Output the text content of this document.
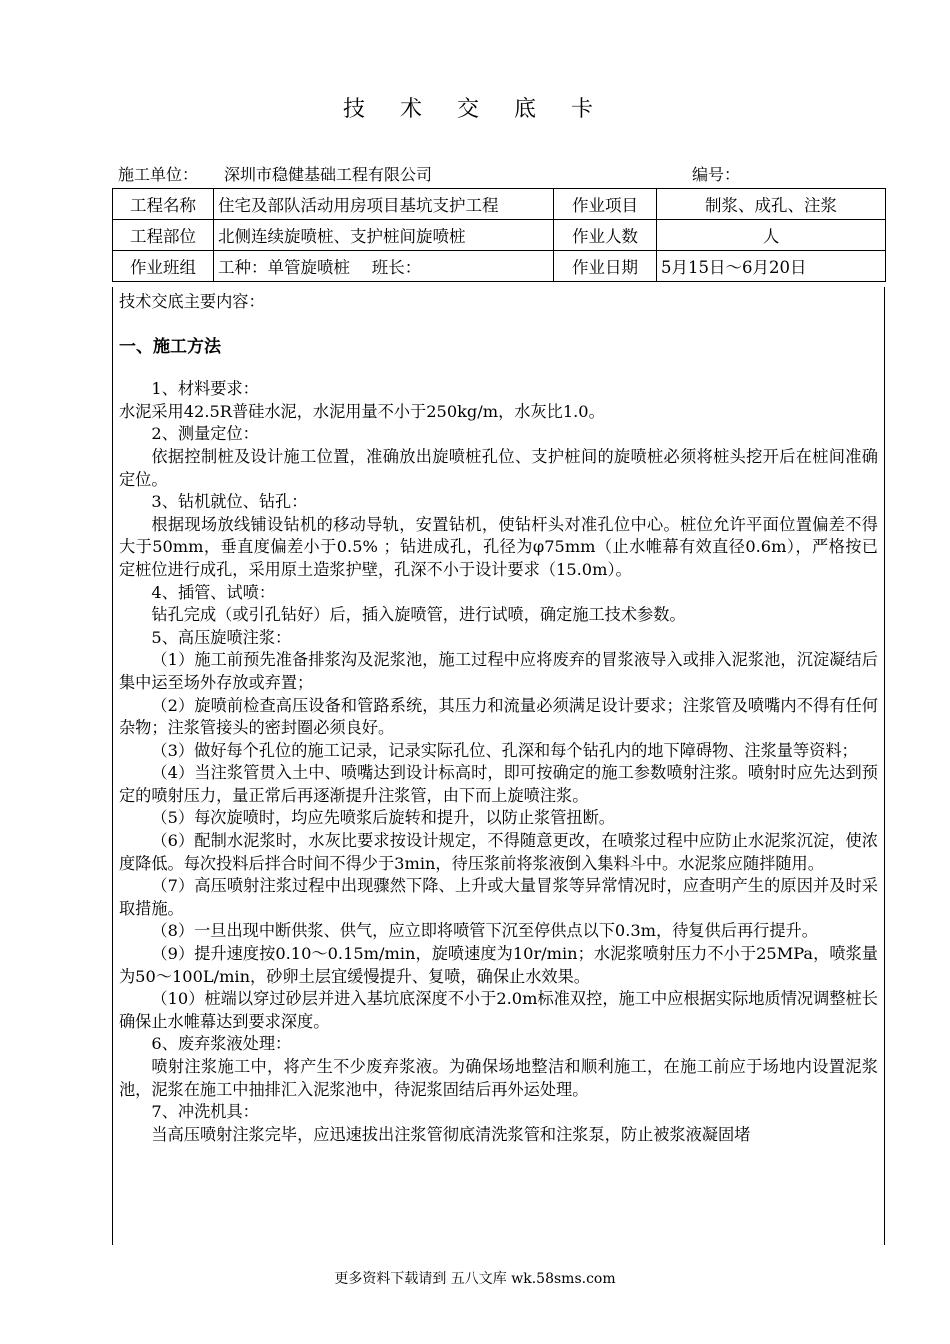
技 术 交 底 卡
施工单位： 深圳市稳健基础工程有限公司	编号：
工程名称	住宅及部队活动用房项目基坑支护工程	作业项目	制浆、成孔、注浆
工程部位	北侧连续旋喷桩、支护桩间旋喷桩	作业人数	人
作业班组	工种：单管旋喷桩　 班长：	作业日期	5月15日～6月20日

技术交底主要内容：

一、施工方法

1、材料要求：

水泥采用42.5R普硅水泥，水泥用量不小于250kg/m，水灰比1.0。

2、测量定位：

依据控制桩及设计施工位置，准确放出旋喷桩孔位、支护桩间的旋喷桩必须将桩头挖开后在桩间准确定位。

3、钻机就位、钻孔：

根据现场放线铺设钻机的移动导轨，安置钻机，使钻杆头对准孔位中心。桩位允许平面位置偏差不得大于50mm，垂直度偏差小于0.5% ；钻进成孔，孔径为φ75mm（止水帷幕有效直径0.6m），严格按已定桩位进行成孔，采用原土造浆护壁，孔深不小于设计要求（15.0m）。

4、插管、试喷：

钻孔完成（或引孔钻好）后，插入旋喷管，进行试喷，确定施工技术参数。

5、高压旋喷注浆：

（1）施工前预先准备排浆沟及泥浆池，施工过程中应将废弃的冒浆液导入或排入泥浆池，沉淀凝结后集中运至场外存放或弃置；

（2）旋喷前检查高压设备和管路系统，其压力和流量必须满足设计要求；注浆管及喷嘴内不得有任何杂物；注浆管接头的密封圈必须良好。

（3）做好每个孔位的施工记录，记录实际孔位、孔深和每个钻孔内的地下障碍物、注浆量等资料；

（4）当注浆管贯入土中、喷嘴达到设计标高时，即可按确定的施工参数喷射注浆。喷射时应先达到预定的喷射压力，量正常后再逐渐提升注浆管，由下而上旋喷注浆。

（5）每次旋喷时，均应先喷浆后旋转和提升，以防止浆管扭断。

（6）配制水泥浆时，水灰比要求按设计规定，不得随意更改，在喷浆过程中应防止水泥浆沉淀，使浓度降低。每次投料后拌合时间不得少于3min，待压浆前将浆液倒入集料斗中。水泥浆应随拌随用。

（7）高压喷射注浆过程中出现骤然下降、上升或大量冒浆等异常情况时，应查明产生的原因并及时采取措施。

（8）一旦出现中断供浆、供气，应立即将喷管下沉至停供点以下0.3m，待复供后再行提升。

（9）提升速度按0.10～0.15m/min，旋喷速度为10r/min；水泥浆喷射压力不小于25MPa，喷浆量为50～100L/min，砂卵土层宜缓慢提升、复喷，确保止水效果。

（10）桩端以穿过砂层并进入基坑底深度不小于2.0m标准双控，施工中应根据实际地质情况调整桩长确保止水帷幕达到要求深度。

6、废弃浆液处理：

喷射注浆施工中，将产生不少废弃浆液。为确保场地整洁和顺利施工，在施工前应于场地内设置泥浆池，泥浆在施工中抽排汇入泥浆池中，待泥浆固结后再外运处理。

7、冲洗机具：

当高压喷射注浆完毕，应迅速拔出注浆管彻底清洗浆管和注浆泵，防止被浆液凝固堵

更多资料下载请到 五八文库 wk.58sms.com
